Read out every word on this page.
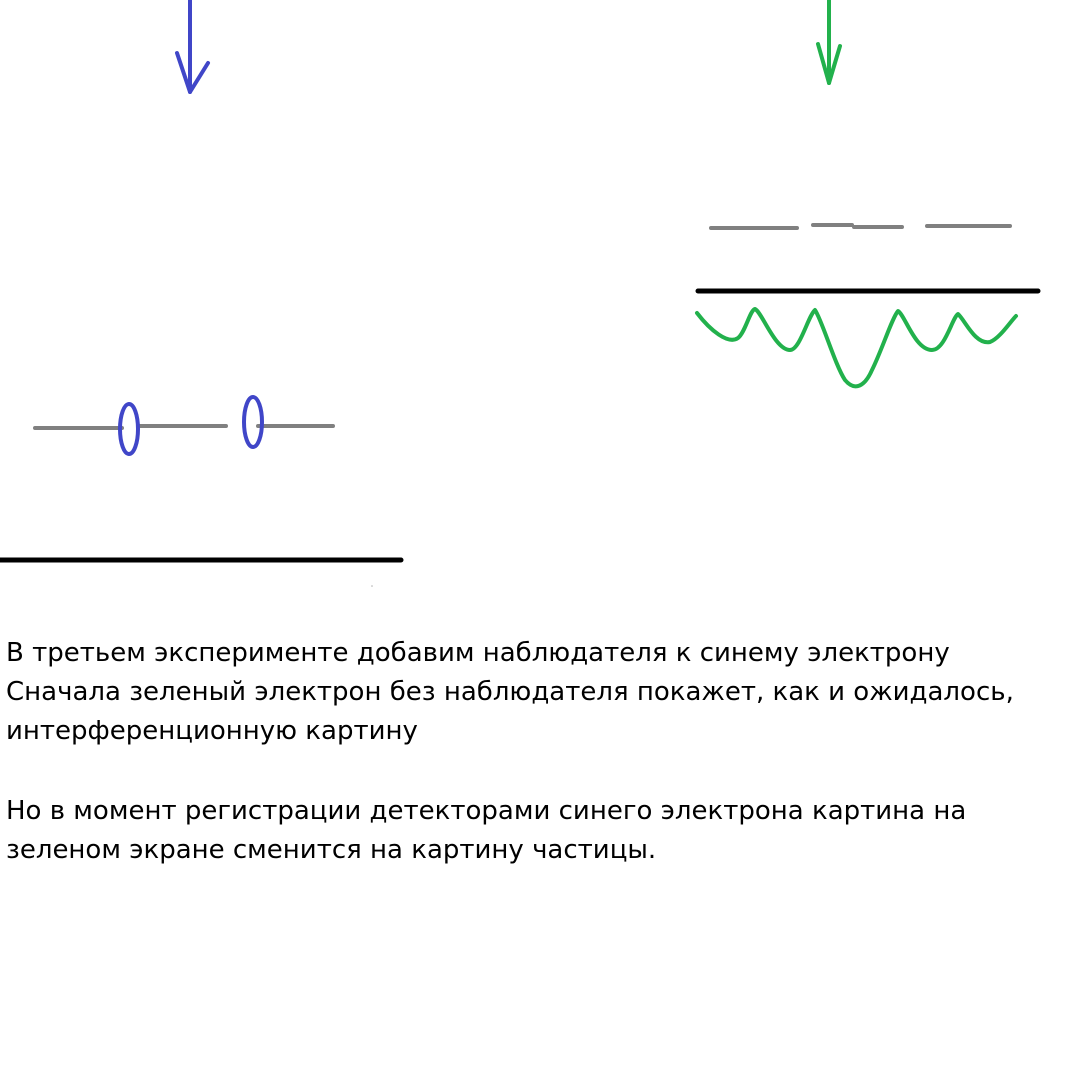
В третьем эксперименте добавим наблюдателя к синему электрону
Сначала зеленый электрон без наблюдателя покажет, как и ожидалось,
интерференционную картину
Но в момент регистрации детекторами синего электрона картина на
зеленом экране сменится на картину частицы.
